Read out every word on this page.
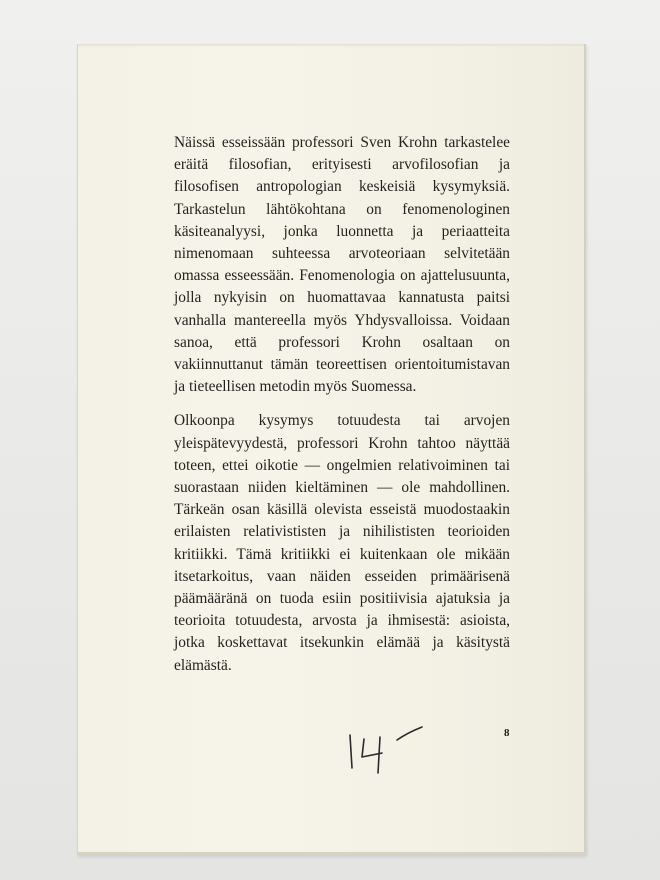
Näissä esseissään professori Sven Krohn tarkastelee eräitä filosofian, erityisesti arvofilosofian ja filosofisen antropologian keskeisiä kysymyksiä. Tarkastelun lähtökohtana on fenomenologinen käsiteanalyysi, jonka luonnetta ja periaatteita nimenomaan suhteessa arvoteoriaan selvitetään omassa esseessään. Fenomenologia on ajattelusuunta, jolla nykyisin on huomattavaa kannatusta paitsi vanhalla mantereella myös Yhdysvalloissa. Voidaan sanoa, että professori Krohn osaltaan on vakiinnuttanut tämän teoreettisen orientoitumistavan ja tieteellisen metodin myös Suomessa.

Olkoonpa kysymys totuudesta tai arvojen yleispätevyydestä, professori Krohn tahtoo näyttää toteen, ettei oikotie — ongelmien relativoiminen tai suorastaan niiden kieltäminen — ole mahdollinen. Tärkeän osan käsillä olevista esseistä muodostaakin erilaisten relativististen ja nihilististen teorioiden kritiikki. Tämä kritiikki ei kuitenkaan ole mikään itsetarkoitus, vaan näiden esseiden primäärisenä päämääränä on tuoda esiin positiivisia ajatuksia ja teorioita totuudesta, arvosta ja ihmisestä: asioista, jotka koskettavat itsekunkin elämää ja käsitystä elämästä.

8
